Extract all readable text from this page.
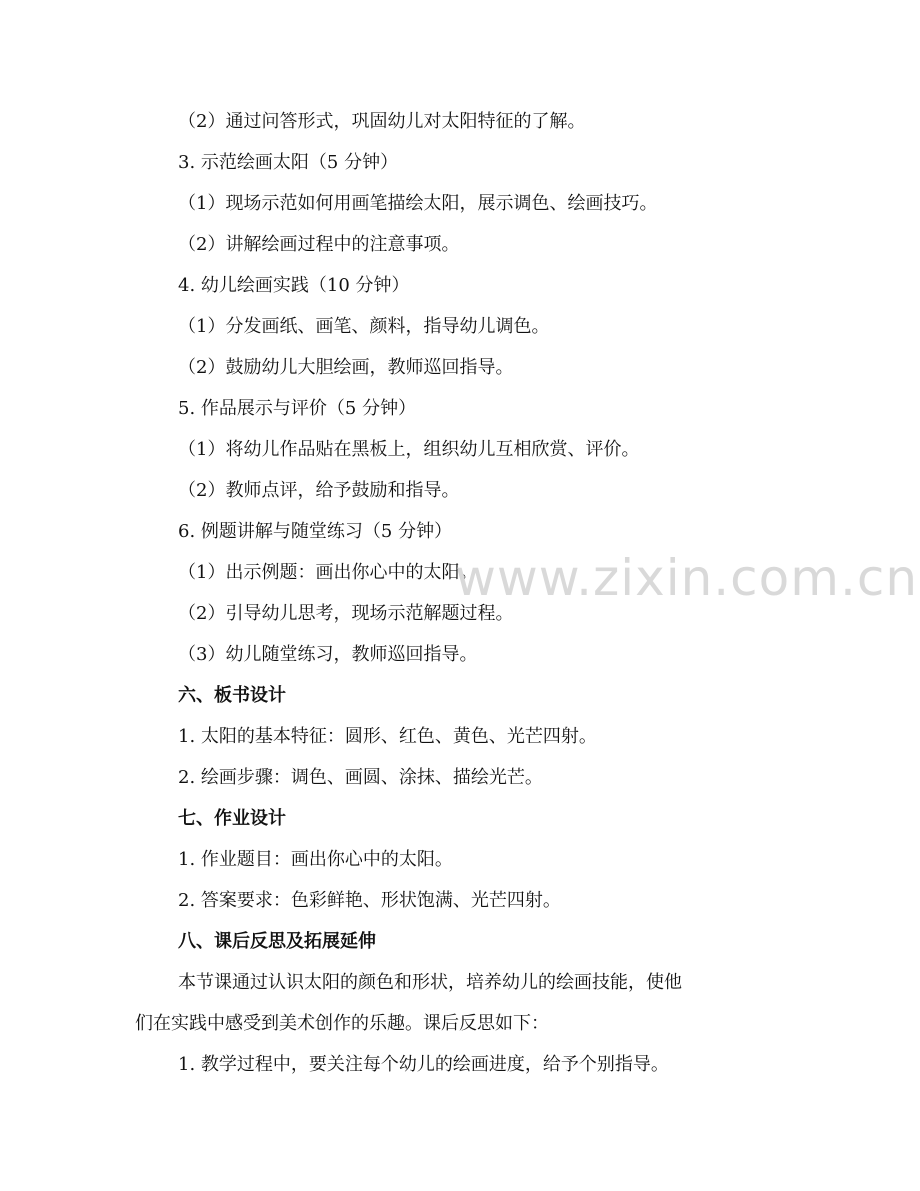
（2）通过问答形式，巩固幼儿对太阳特征的了解。
3. 示范绘画太阳（5 分钟）
（1）现场示范如何用画笔描绘太阳，展示调色、绘画技巧。
（2）讲解绘画过程中的注意事项。
4. 幼儿绘画实践（10 分钟）
（1）分发画纸、画笔、颜料，指导幼儿调色。
（2）鼓励幼儿大胆绘画，教师巡回指导。
5. 作品展示与评价（5 分钟）
（1）将幼儿作品贴在黑板上，组织幼儿互相欣赏、评价。
（2）教师点评，给予鼓励和指导。
6. 例题讲解与随堂练习（5 分钟）
（1）出示例题：画出你心中的太阳。
（2）引导幼儿思考，现场示范解题过程。
（3）幼儿随堂练习，教师巡回指导。
六、板书设计
1. 太阳的基本特征：圆形、红色、黄色、光芒四射。
2. 绘画步骤：调色、画圆、涂抹、描绘光芒。
七、作业设计
1. 作业题目：画出你心中的太阳。
2. 答案要求：色彩鲜艳、形状饱满、光芒四射。
八、课后反思及拓展延伸
本节课通过认识太阳的颜色和形状，培养幼儿的绘画技能，使他
们在实践中感受到美术创作的乐趣。课后反思如下：
1. 教学过程中，要关注每个幼儿的绘画进度，给予个别指导。
www.zixin.com.cn
